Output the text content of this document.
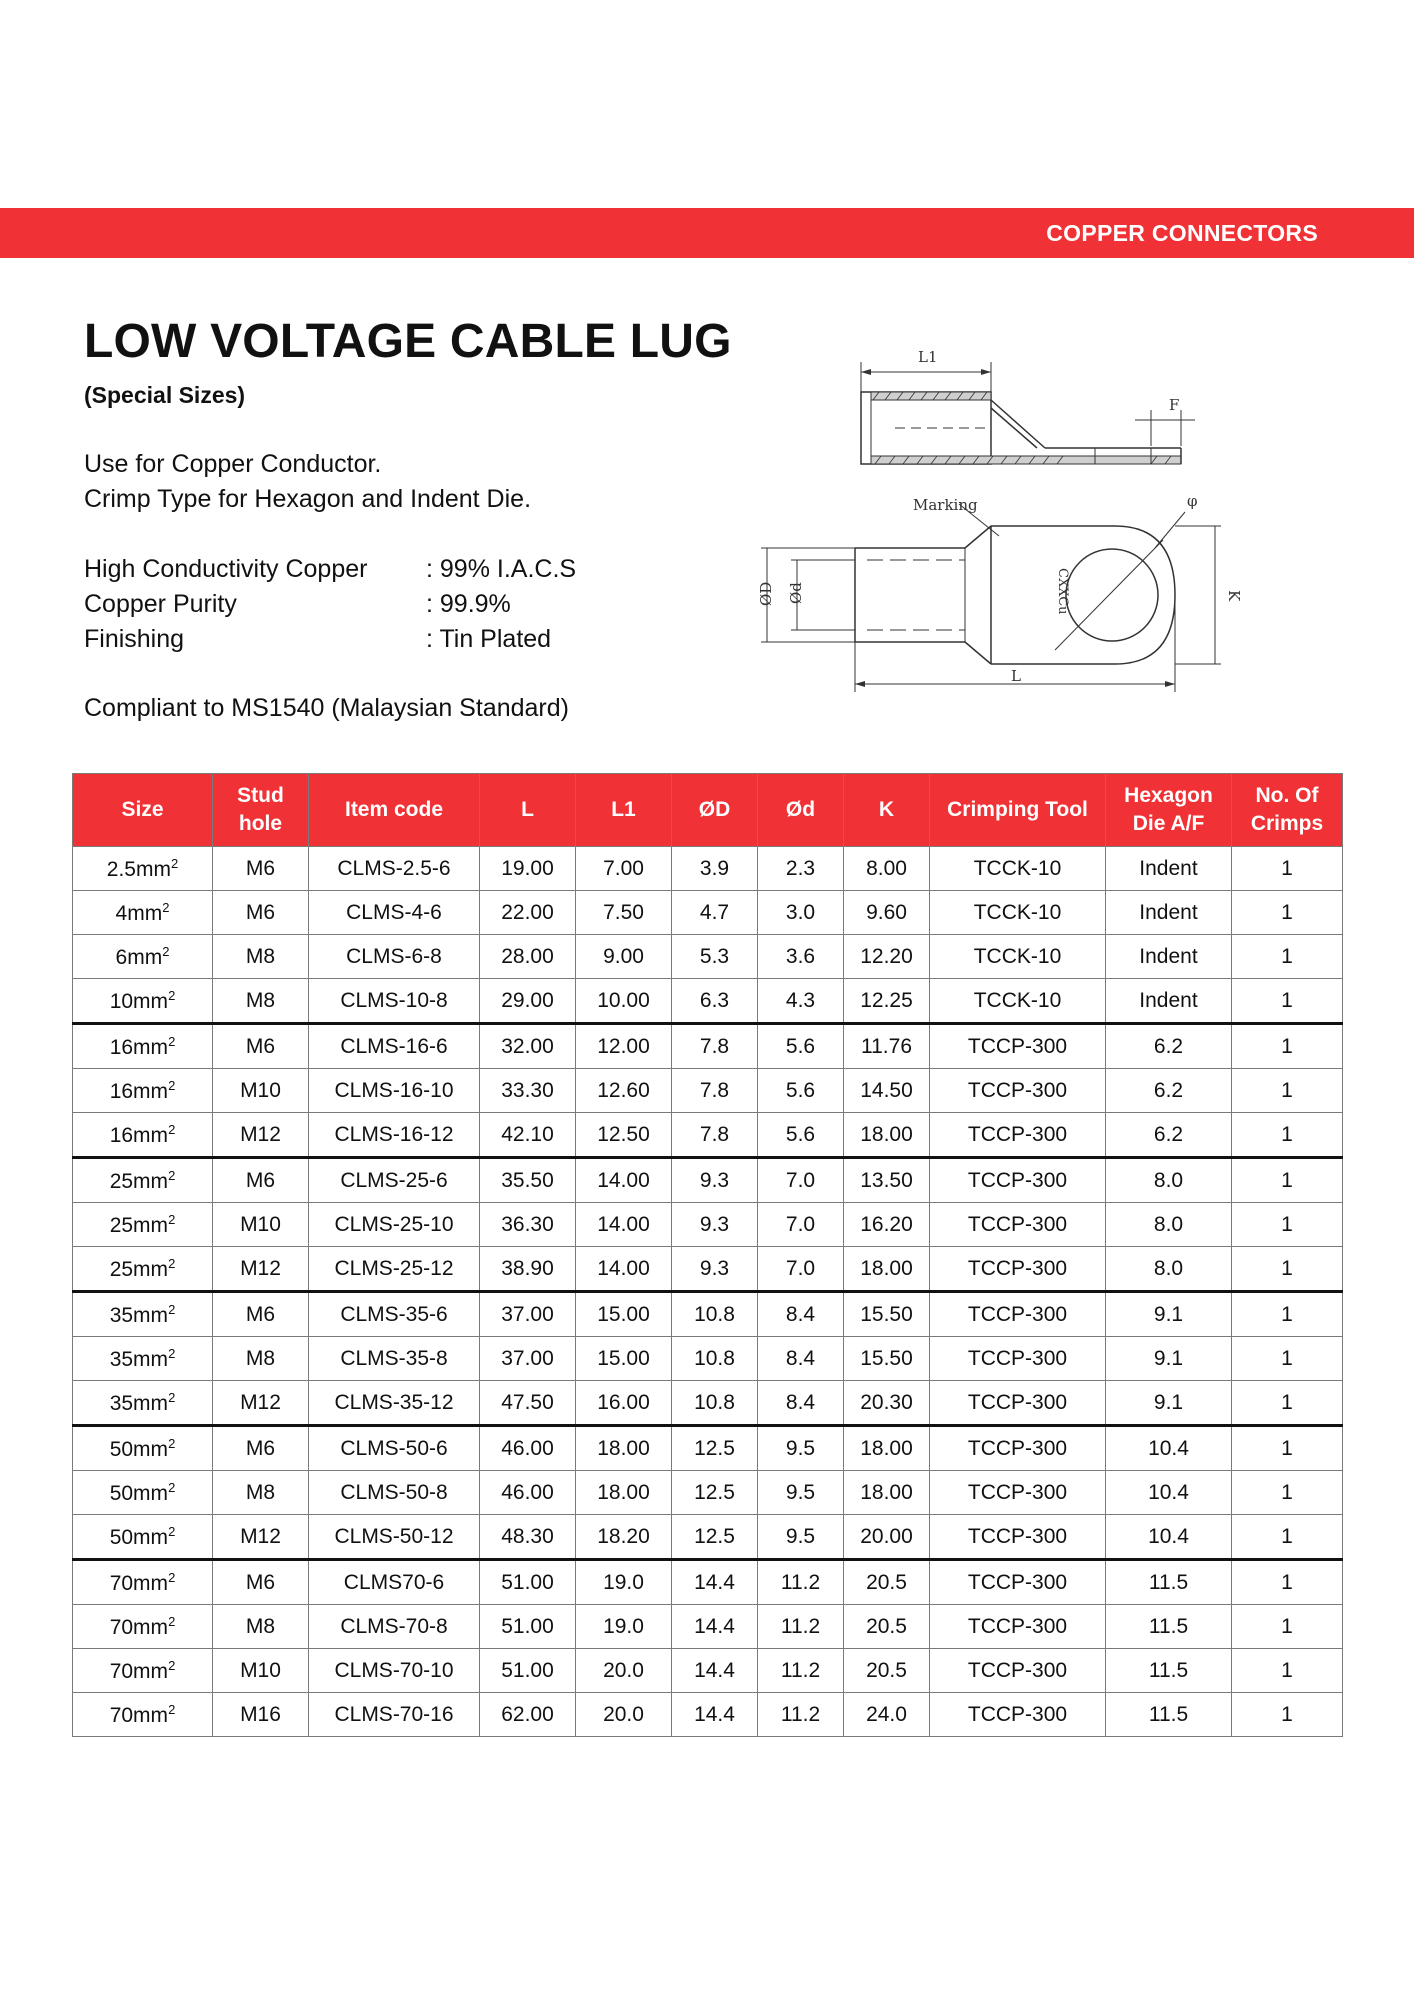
COPPER CONNECTORS
LOW VOLTAGE CABLE LUG
(Special Sizes)
Use for Copper Conductor.
Crimp Type for Hexagon and Indent Die.
High Conductivity Copper : 99% I.A.C.S
Copper Purity	: 99.9%
Finishing	: Tin Plated
Compliant to MS1540 (Malaysian Standard)
L1
F
Marking	φ
ØD Ød	CXXCu	K
L
Size	Stud hole	Item code	L	L1	ØD	Ød	K	Crimping Tool	Hexagon Die A/F	No. Of Crimps
$2.5mm^2$	M6	CLMS-2.5-6	19.00	7.00	3.9	2.3	8.00	TCCK-10	Indent	1
$4mm^2$	M6	CLMS-4-6	22.00	7.50	4.7	3.0	9.60	TCCK-10	Indent	1
$6mm^2$	M8	CLMS-6-8	28.00	9.00	5.3	3.6	12.20	TCCK-10	Indent	1
$10mm^2$	M8	CLMS-10-8	29.00	10.00	6.3	4.3	12.25	TCCK-10	Indent	1
$16mm^2$	M6	CLMS-16-6	32.00	12.00	7.8	5.6	11.76	TCCP-300	6.2	1
$16mm^2$	M10	CLMS-16-10	33.30	12.60	7.8	5.6	14.50	TCCP-300	6.2	1
$16mm^2$	M12	CLMS-16-12	42.10	12.50	7.8	5.6	18.00	TCCP-300	6.2	1
$25mm^2$	M6	CLMS-25-6	35.50	14.00	9.3	7.0	13.50	TCCP-300	8.0	1
$25mm^2$	M10	CLMS-25-10	36.30	14.00	9.3	7.0	16.20	TCCP-300	8.0	1
$25mm^2$	M12	CLMS-25-12	38.90	14.00	9.3	7.0	18.00	TCCP-300	8.0	1
$35mm^2$	M6	CLMS-35-6	37.00	15.00	10.8	8.4	15.50	TCCP-300	9.1	1
$35mm^2$	M8	CLMS-35-8	37.00	15.00	10.8	8.4	15.50	TCCP-300	9.1	1
$35mm^2$	M12	CLMS-35-12	47.50	16.00	10.8	8.4	20.30	TCCP-300	9.1	1
$50mm^2$	M6	CLMS-50-6	46.00	18.00	12.5	9.5	18.00	TCCP-300	10.4	1
$50mm^2$	M8	CLMS-50-8	46.00	18.00	12.5	9.5	18.00	TCCP-300	10.4	1
$50mm^2$	M12	CLMS-50-12	48.30	18.20	12.5	9.5	20.00	TCCP-300	10.4	1
$70mm^2$	M6	CLMS70-6	51.00	19.0	14.4	11.2	20.5	TCCP-300	11.5	1
$70mm^2$	M8	CLMS-70-8	51.00	19.0	14.4	11.2	20.5	TCCP-300	11.5	1
$70mm^2$	M10	CLMS-70-10	51.00	20.0	14.4	11.2	20.5	TCCP-300	11.5	1
$70mm^2$	M16	CLMS-70-16	62.00	20.0	14.4	11.2	24.0	TCCP-300	11.5	1
